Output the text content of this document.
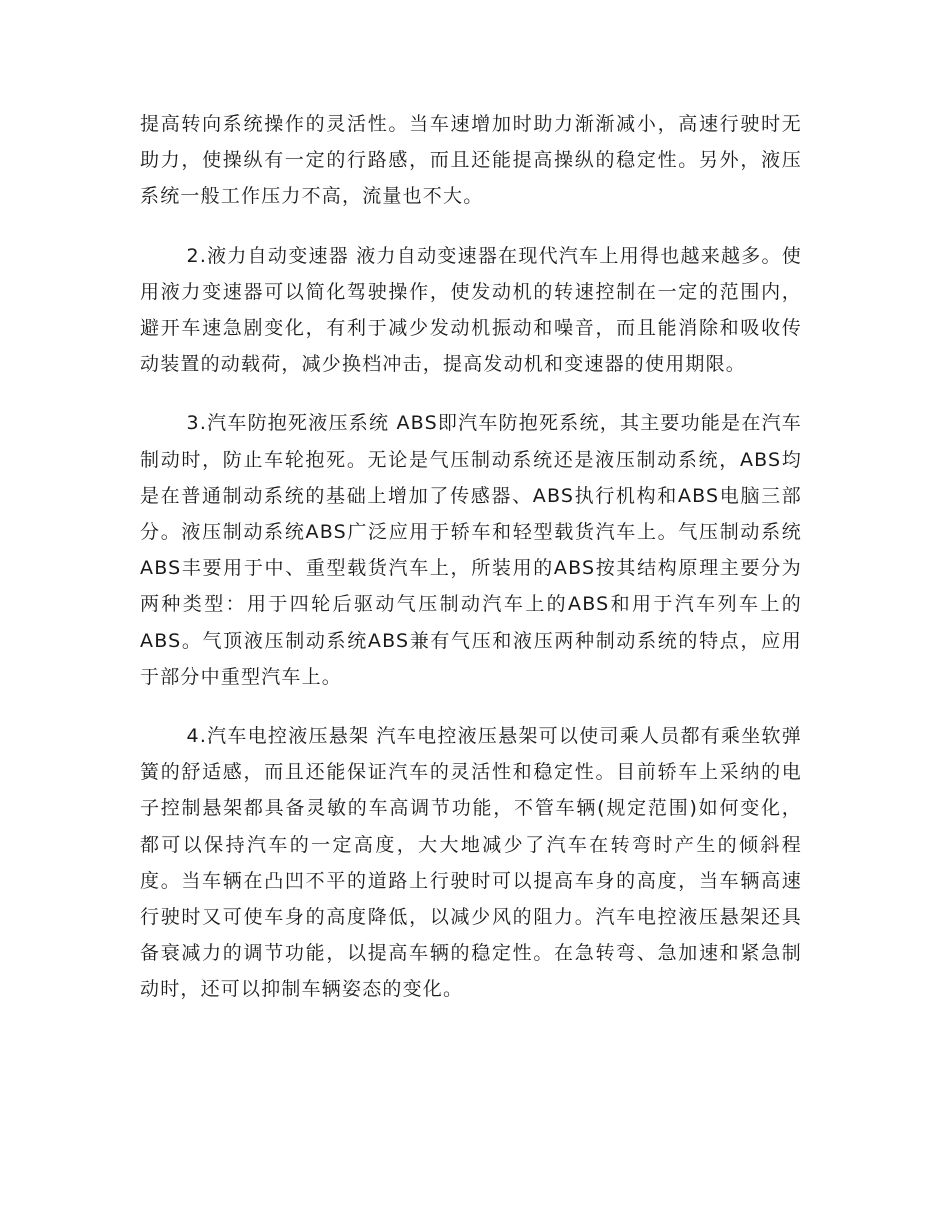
提高转向系统操作的灵活性。当车速增加时助力渐渐减小，高速行驶时无助力，使操纵有一定的行路感，而且还能提高操纵的稳定性。另外，液压系统一般工作压力不高，流量也不大。

2.液力自动变速器 液力自动变速器在现代汽车上用得也越来越多。使用液力变速器可以简化驾驶操作，使发动机的转速控制在一定的范围内，避开车速急剧变化，有利于减少发动机振动和噪音，而且能消除和吸收传动装置的动载荷，减少换档冲击，提高发动机和变速器的使用期限。

3.汽车防抱死液压系统 ABS即汽车防抱死系统，其主要功能是在汽车制动时，防止车轮抱死。无论是气压制动系统还是液压制动系统，ABS均是在普通制动系统的基础上增加了传感器、ABS执行机构和ABS电脑三部分。液压制动系统ABS广泛应用于轿车和轻型载货汽车上。气压制动系统ABS丰要用于中、重型载货汽车上，所装用的ABS按其结构原理主要分为两种类型：用于四轮后驱动气压制动汽车上的ABS和用于汽车列车上的ABS。气顶液压制动系统ABS兼有气压和液压两种制动系统的特点，应用于部分中重型汽车上。

4.汽车电控液压悬架 汽车电控液压悬架可以使司乘人员都有乘坐软弹簧的舒适感，而且还能保证汽车的灵活性和稳定性。目前轿车上采纳的电子控制悬架都具备灵敏的车高调节功能，不管车辆(规定范围)如何变化，都可以保持汽车的一定高度，大大地减少了汽车在转弯时产生的倾斜程度。当车辆在凸凹不平的道路上行驶时可以提高车身的高度，当车辆高速行驶时又可使车身的高度降低，以减少风的阻力。汽车电控液压悬架还具备衰减力的调节功能，以提高车辆的稳定性。在急转弯、急加速和紧急制动时，还可以抑制车辆姿态的变化。
